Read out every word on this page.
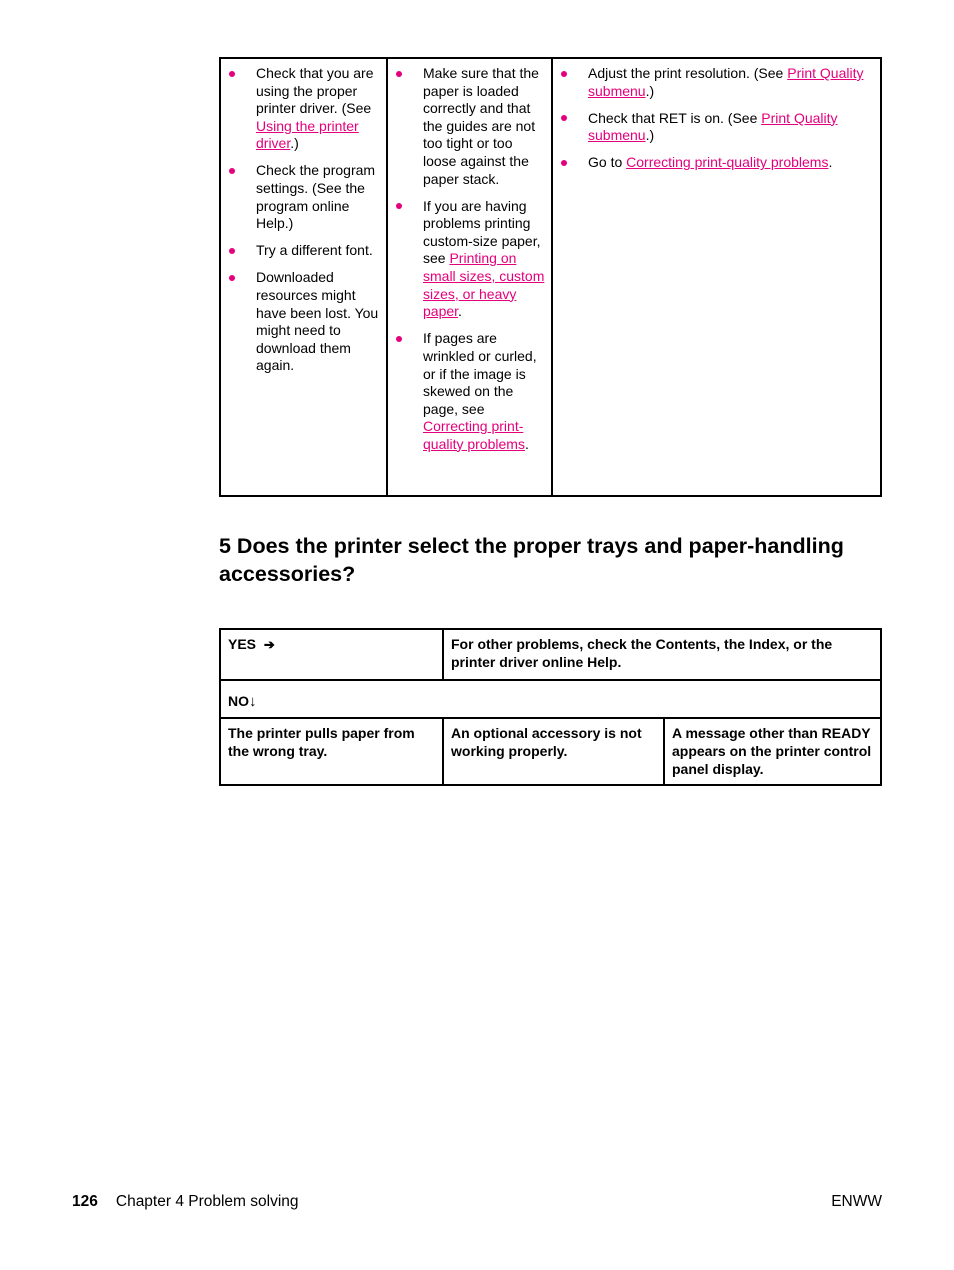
Check that you are using the proper printer driver. (See Using the printer driver.)
Check the program settings. (See the program online Help.)
Try a different font.
Downloaded resources might have been lost. You might need to download them again.
Make sure that the paper is loaded correctly and that the guides are not too tight or too loose against the paper stack.
If you are having problems printing custom-size paper, see Printing on small sizes, custom sizes, or heavy paper.
If pages are wrinkled or curled, or if the image is skewed on the page, see Correcting print-quality problems.
Adjust the print resolution. (See Print Quality submenu.)
Check that RET is on. (See Print Quality submenu.)
Go to Correcting print-quality problems.
5 Does the printer select the proper trays and paper-handling accessories?
YES ➔	For other problems, check the Contents, the Index, or the printer driver online Help.
NO↓
The printer pulls paper from the wrong tray.
An optional accessory is not working properly.
A message other than READY appears on the printer control panel display.
126 Chapter 4 Problem solving	ENWW
